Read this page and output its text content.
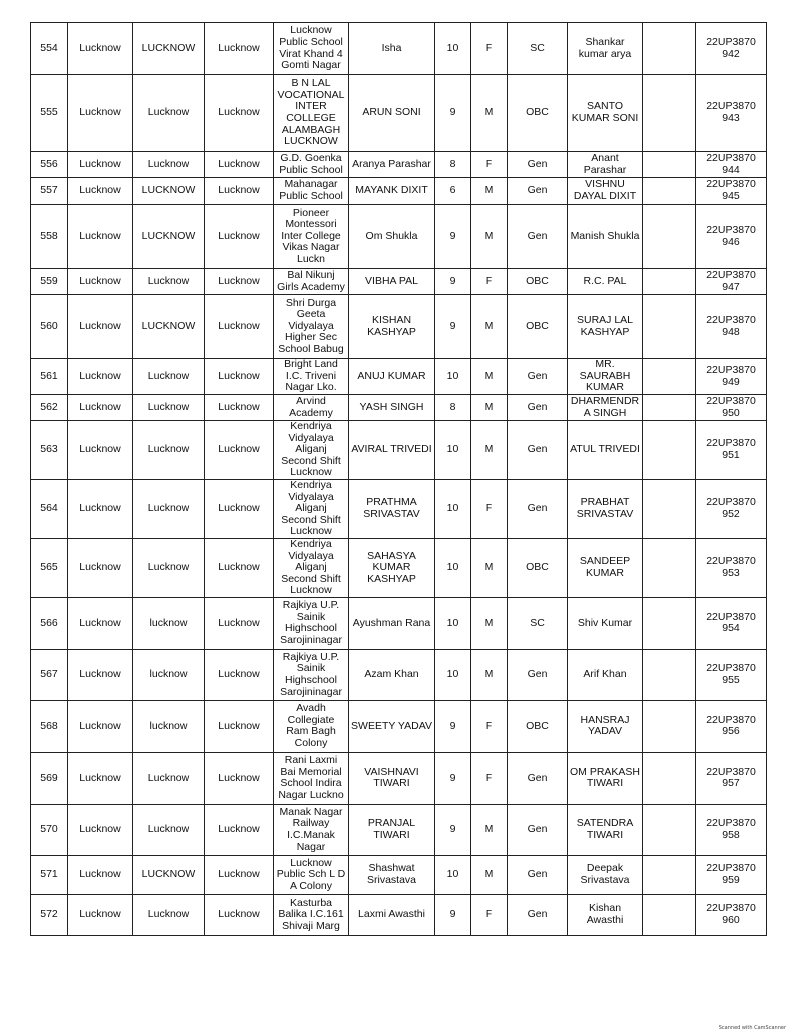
554	Lucknow	LUCKNOW	Lucknow	Lucknow Public School Virat Khand 4 Gomti Nagar	Isha	10	F	SC	Shankar kumar arya		22UP3870 942
555	Lucknow	Lucknow	Lucknow	B N LAL VOCATIONAL INTER COLLEGE ALAMBAGH LUCKNOW	ARUN SONI	9	M	OBC	SANTO KUMAR SONI		22UP3870 943
556	Lucknow	Lucknow	Lucknow	G.D. Goenka Public School	Aranya Parashar	8	F	Gen	Anant Parashar		22UP3870 944
557	Lucknow	LUCKNOW	Lucknow	Mahanagar Public School	MAYANK DIXIT	6	M	Gen	VISHNU DAYAL DIXIT		22UP3870 945
558	Lucknow	LUCKNOW	Lucknow	Pioneer Montessori Inter College Vikas Nagar Luckn	Om Shukla	9	M	Gen	Manish Shukla		22UP3870 946
559	Lucknow	Lucknow	Lucknow	Bal Nikunj Girls Academy	VIBHA PAL	9	F	OBC	R.C. PAL		22UP3870 947
560	Lucknow	LUCKNOW	Lucknow	Shri Durga Geeta Vidyalaya Higher Sec School Babug	KISHAN KASHYAP	9	M	OBC	SURAJ LAL KASHYAP		22UP3870 948
561	Lucknow	Lucknow	Lucknow	Bright Land I.C. Triveni Nagar Lko.	ANUJ KUMAR	10	M	Gen	MR. SAURABH KUMAR		22UP3870 949
562	Lucknow	Lucknow	Lucknow	Arvind Academy	YASH SINGH	8	M	Gen	DHARMENDR A SINGH		22UP3870 950
563	Lucknow	Lucknow	Lucknow	Kendriya Vidyalaya Aliganj Second Shift Lucknow	AVIRAL TRIVEDI	10	M	Gen	ATUL TRIVEDI		22UP3870 951
564	Lucknow	Lucknow	Lucknow	Kendriya Vidyalaya Aliganj Second Shift Lucknow	PRATHMA SRIVASTAV	10	F	Gen	PRABHAT SRIVASTAV		22UP3870 952
565	Lucknow	Lucknow	Lucknow	Kendriya Vidyalaya Aliganj Second Shift Lucknow	SAHASYA KUMAR KASHYAP	10	M	OBC	SANDEEP KUMAR		22UP3870 953
566	Lucknow	lucknow	Lucknow	Rajkiya U.P. Sainik Highschool Sarojininagar	Ayushman Rana	10	M	SC	Shiv Kumar		22UP3870 954
567	Lucknow	lucknow	Lucknow	Rajkiya U.P. Sainik Highschool Sarojininagar	Azam Khan	10	M	Gen	Arif Khan		22UP3870 955
568	Lucknow	lucknow	Lucknow	Avadh Collegiate Ram Bagh Colony	SWEETY YADAV	9	F	OBC	HANSRAJ YADAV		22UP3870 956
569	Lucknow	Lucknow	Lucknow	Rani Laxmi Bai Memorial School Indira Nagar Luckno	VAISHNAVI TIWARI	9	F	Gen	OM PRAKASH TIWARI		22UP3870 957
570	Lucknow	Lucknow	Lucknow	Manak Nagar Railway I.C.Manak Nagar	PRANJAL TIWARI	9	M	Gen	SATENDRA TIWARI		22UP3870 958
571	Lucknow	LUCKNOW	Lucknow	Lucknow Public Sch L D A Colony	Shashwat Srivastava	10	M	Gen	Deepak Srivastava		22UP3870 959
572	Lucknow	Lucknow	Lucknow	Kasturba Balika I.C.161 Shivaji Marg	Laxmi Awasthi	9	F	Gen	Kishan Awasthi		22UP3870 960
Scanned with CamScanner
